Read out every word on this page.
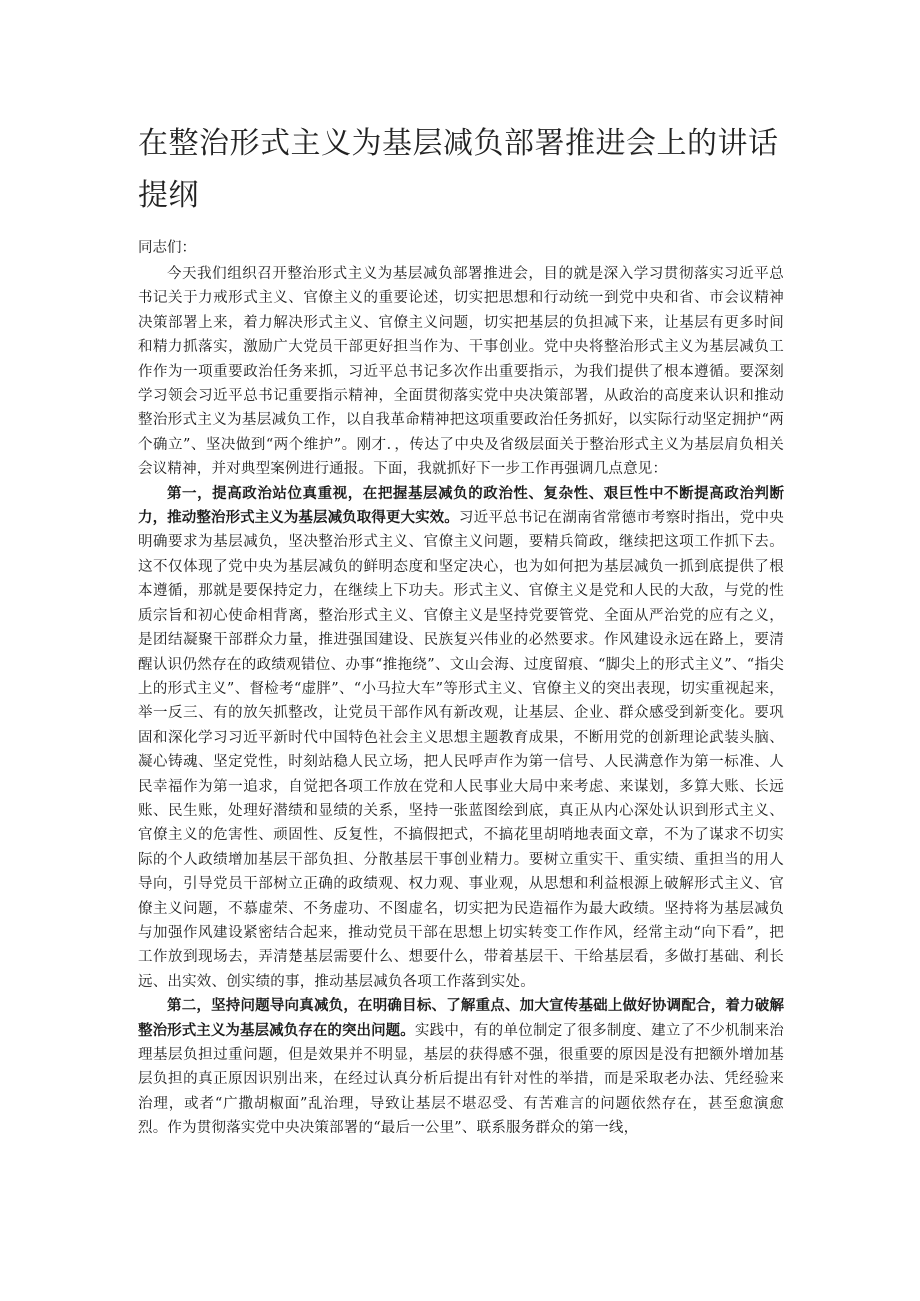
在整治形式主义为基层减负部署推进会上的讲话提纲

同志们：

今天我们组织召开整治形式主义为基层减负部署推进会，目的就是深入学习贯彻落实习近平总书记关于力戒形式主义、官僚主义的重要论述，切实把思想和行动统一到党中央和省、市会议精神决策部署上来，着力解决形式主义、官僚主义问题，切实把基层的负担减下来，让基层有更多时间和精力抓落实，激励广大党员干部更好担当作为、干事创业。党中央将整治形式主义为基层减负工作作为一项重要政治任务来抓，习近平总书记多次作出重要指示，为我们提供了根本遵循。要深刻学习领会习近平总书记重要指示精神，全面贯彻落实党中央决策部署，从政治的高度来认识和推动整治形式主义为基层减负工作，以自我革命精神把这项重要政治任务抓好，以实际行动坚定拥护“两个确立”、坚决做到“两个维护”。刚才．，传达了中央及省级层面关于整治形式主义为基层肩负相关会议精神，并对典型案例进行通报。下面，我就抓好下一步工作再强调几点意见：

第一，提高政治站位真重视，在把握基层减负的政治性、复杂性、艰巨性中不断提高政治判断力，推动整治形式主义为基层减负取得更大实效。习近平总书记在湖南省常德市考察时指出，党中央明确要求为基层减负，坚决整治形式主义、官僚主义问题，要精兵简政，继续把这项工作抓下去。这不仅体现了党中央为基层减负的鲜明态度和坚定决心，也为如何把为基层减负一抓到底提供了根本遵循，那就是要保持定力，在继续上下功夫。形式主义、官僚主义是党和人民的大敌，与党的性质宗旨和初心使命相背离，整治形式主义、官僚主义是坚持党要管党、全面从严治党的应有之义，是团结凝聚干部群众力量，推进强国建设、民族复兴伟业的必然要求。作风建设永远在路上，要清醒认识仍然存在的政绩观错位、办事“推拖绕”、文山会海、过度留痕、“脚尖上的形式主义”、“指尖上的形式主义”、督检考“虚胖”、“小马拉大车”等形式主义、官僚主义的突出表现，切实重视起来，举一反三、有的放矢抓整改，让党员干部作风有新改观，让基层、企业、群众感受到新变化。要巩固和深化学习习近平新时代中国特色社会主义思想主题教育成果，不断用党的创新理论武装头脑、凝心铸魂、坚定党性，时刻站稳人民立场，把人民呼声作为第一信号、人民满意作为第一标准、人民幸福作为第一追求，自觉把各项工作放在党和人民事业大局中来考虑、来谋划，多算大账、长远账、民生账，处理好潜绩和显绩的关系，坚持一张蓝图绘到底，真正从内心深处认识到形式主义、官僚主义的危害性、顽固性、反复性，不搞假把式，不搞花里胡哨地表面文章，不为了谋求不切实际的个人政绩增加基层干部负担、分散基层干事创业精力。要树立重实干、重实绩、重担当的用人导向，引导党员干部树立正确的政绩观、权力观、事业观，从思想和利益根源上破解形式主义、官僚主义问题，不慕虚荣、不务虚功、不图虚名，切实把为民造福作为最大政绩。坚持将为基层减负与加强作风建设紧密结合起来，推动党员干部在思想上切实转变工作作风，经常主动“向下看”，把工作放到现场去，弄清楚基层需要什么、想要什么，带着基层干、干给基层看，多做打基础、利长远、出实效、创实绩的事，推动基层减负各项工作落到实处。

第二，坚持问题导向真减负，在明确目标、了解重点、加大宣传基础上做好协调配合，着力破解整治形式主义为基层减负存在的突出问题。实践中，有的单位制定了很多制度、建立了不少机制来治理基层负担过重问题，但是效果并不明显，基层的获得感不强，很重要的原因是没有把额外增加基层负担的真正原因识别出来，在经过认真分析后提出有针对性的举措，而是采取老办法、凭经验来治理，或者“广撒胡椒面”乱治理，导致让基层不堪忍受、有苦难言的问题依然存在，甚至愈演愈烈。作为贯彻落实党中央决策部署的“最后一公里”、联系服务群众的第一线，
